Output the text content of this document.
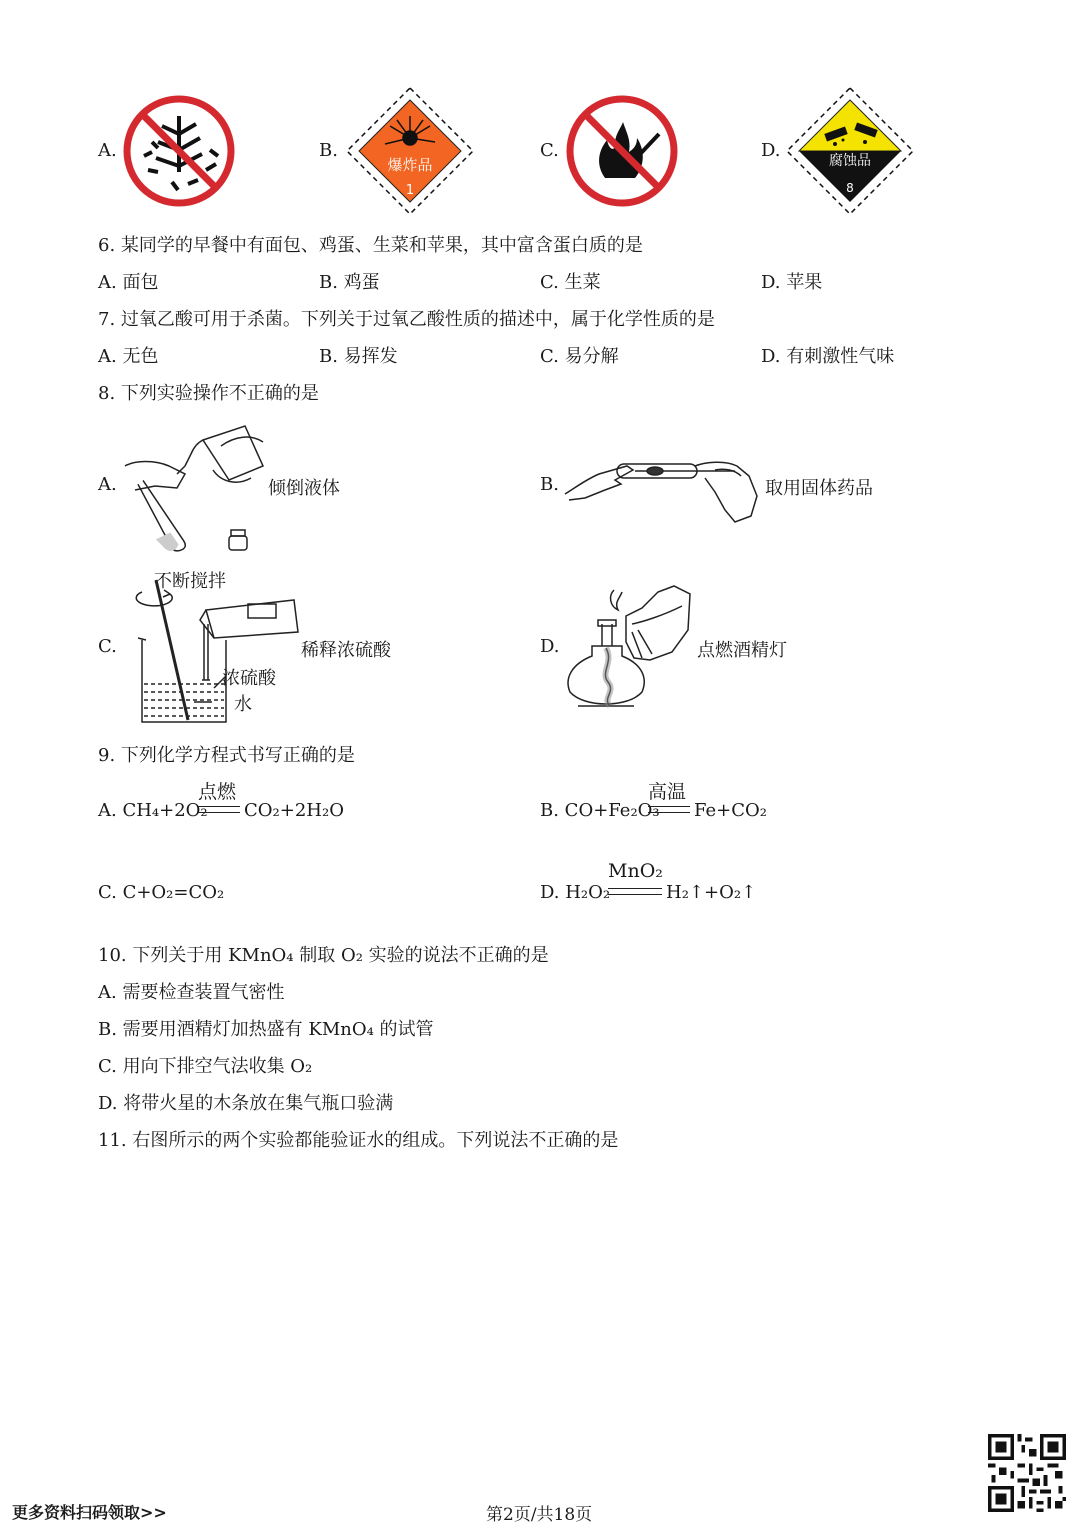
A.	B.
爆炸品
1
C.	D.	腐蚀品
8
6. 某同学的早餐中有面包、鸡蛋、生菜和苹果，其中富含蛋白质的是
A. 面包	B. 鸡蛋	C. 生菜	D. 苹果
7. 过氧乙酸可用于杀菌。下列关于过氧乙酸性质的描述中，属于化学性质的是
A. 无色	B. 易挥发	C. 易分解	D. 有刺激性气味
8. 下列实验操作不正确的是
A.	倾倒液体	B.	取用固体药品
不断搅拌
C.	稀释浓硫酸
浓硫酸
水
D.	点燃酒精灯
9. 下列化学方程式书写正确的是
A. CH₄+2O₂
点燃
CO₂+2H₂O	B. CO+Fe₂O₃
高温
Fe+CO₂
C. C+O₂=CO₂	D. H₂O₂
MnO₂
H₂↑+O₂↑
10. 下列关于用 KMnO₄ 制取 O₂ 实验的说法不正确的是
A. 需要检查装置气密性
B. 需要用酒精灯加热盛有 KMnO₄ 的试管
C. 用向下排空气法收集 O₂
D. 将带火星的木条放在集气瓶口验满
11. 右图所示的两个实验都能验证水的组成。下列说法不正确的是
更多资料扫码领取>>	第2页/共18页
